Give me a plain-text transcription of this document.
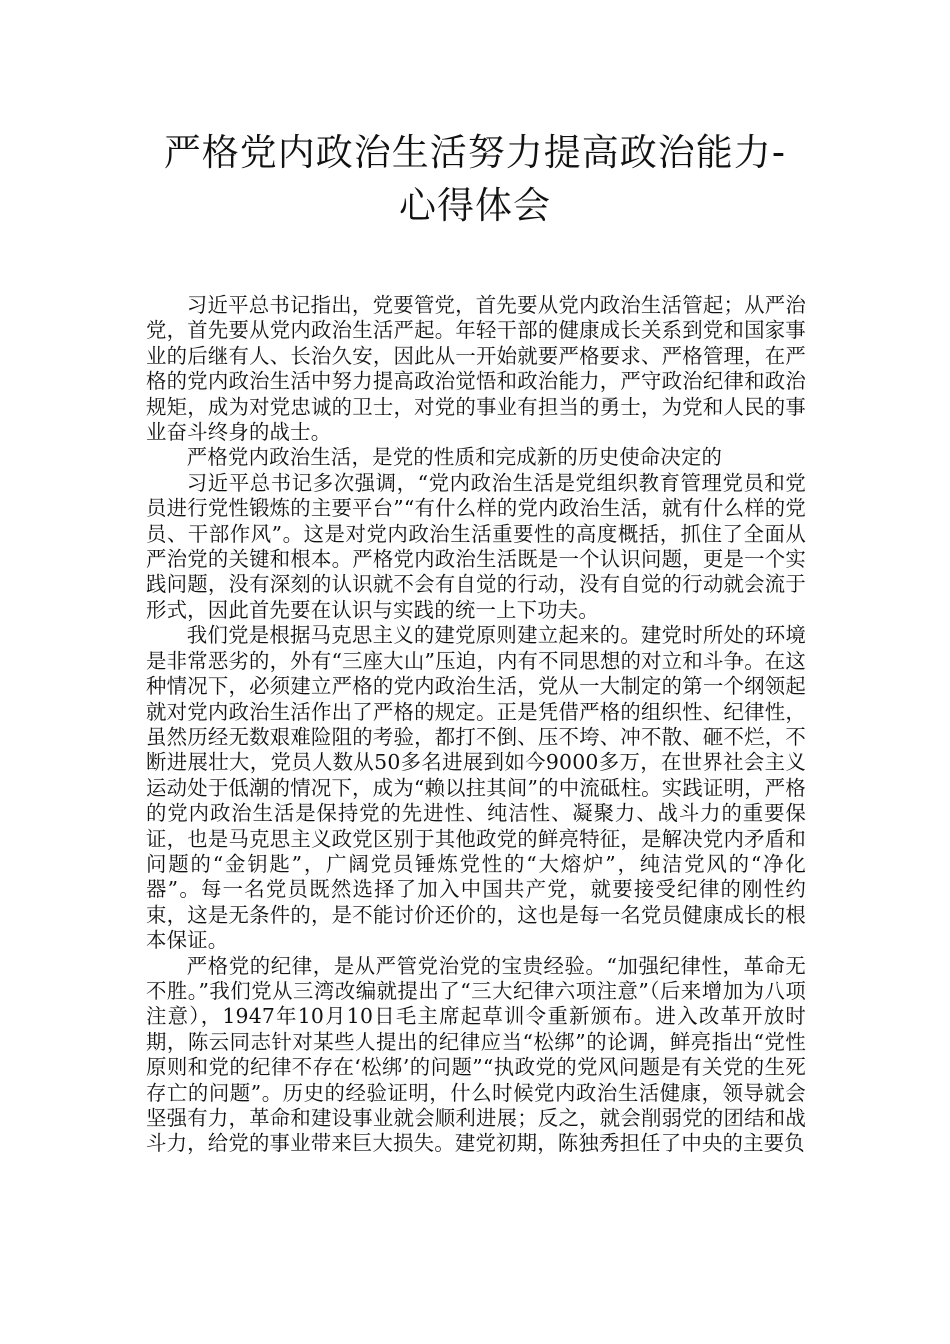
严格党内政治生活努力提高政治能力-
心得体会

习近平总书记指出，党要管党，首先要从党内政治生活管起；从严治党，首先要从党内政治生活严起。年轻干部的健康成长关系到党和国家事业的后继有人、长治久安，因此从一开始就要严格要求、严格管理，在严格的党内政治生活中努力提高政治觉悟和政治能力，严守政治纪律和政治规矩，成为对党忠诚的卫士，对党的事业有担当的勇士，为党和人民的事业奋斗终身的战士。

严格党内政治生活，是党的性质和完成新的历史使命决定的

习近平总书记多次强调，“党内政治生活是党组织教育管理党员和党员进行党性锻炼的主要平台”“有什么样的党内政治生活，就有什么样的党员、干部作风”。这是对党内政治生活重要性的高度概括，抓住了全面从严治党的关键和根本。严格党内政治生活既是一个认识问题，更是一个实践问题，没有深刻的认识就不会有自觉的行动，没有自觉的行动就会流于形式，因此首先要在认识与实践的统一上下功夫。

我们党是根据马克思主义的建党原则建立起来的。建党时所处的环境是非常恶劣的，外有“三座大山”压迫，内有不同思想的对立和斗争。在这种情况下，必须建立严格的党内政治生活，党从一大制定的第一个纲领起就对党内政治生活作出了严格的规定。正是凭借严格的组织性、纪律性，虽然历经无数艰难险阻的考验，都打不倒、压不垮、冲不散、砸不烂，不断进展壮大，党员人数从50多名进展到如今9000多万，在世界社会主义运动处于低潮的情况下，成为“赖以拄其间”的中流砥柱。实践证明，严格的党内政治生活是保持党的先进性、纯洁性、凝聚力、战斗力的重要保证，也是马克思主义政党区别于其他政党的鲜亮特征，是解决党内矛盾和问题的“金钥匙”，广阔党员锤炼党性的“大熔炉”，纯洁党风的“净化器”。每一名党员既然选择了加入中国共产党，就要接受纪律的刚性约束，这是无条件的，是不能讨价还价的，这也是每一名党员健康成长的根本保证。

严格党的纪律，是从严管党治党的宝贵经验。“加强纪律性，革命无不胜。”我们党从三湾改编就提出了“三大纪律六项注意”（后来增加为八项注意），1947年10月10日毛主席起草训令重新颁布。进入改革开放时期，陈云同志针对某些人提出的纪律应当“松绑”的论调，鲜亮指出“党性原则和党的纪律不存在‘松绑’的问题”“执政党的党风问题是有关党的生死存亡的问题”。历史的经验证明，什么时候党内政治生活健康，领导就会坚强有力，革命和建设事业就会顺利进展；反之，就会削弱党的团结和战斗力，给党的事业带来巨大损失。建党初期，陈独秀担任了中央的主要负
